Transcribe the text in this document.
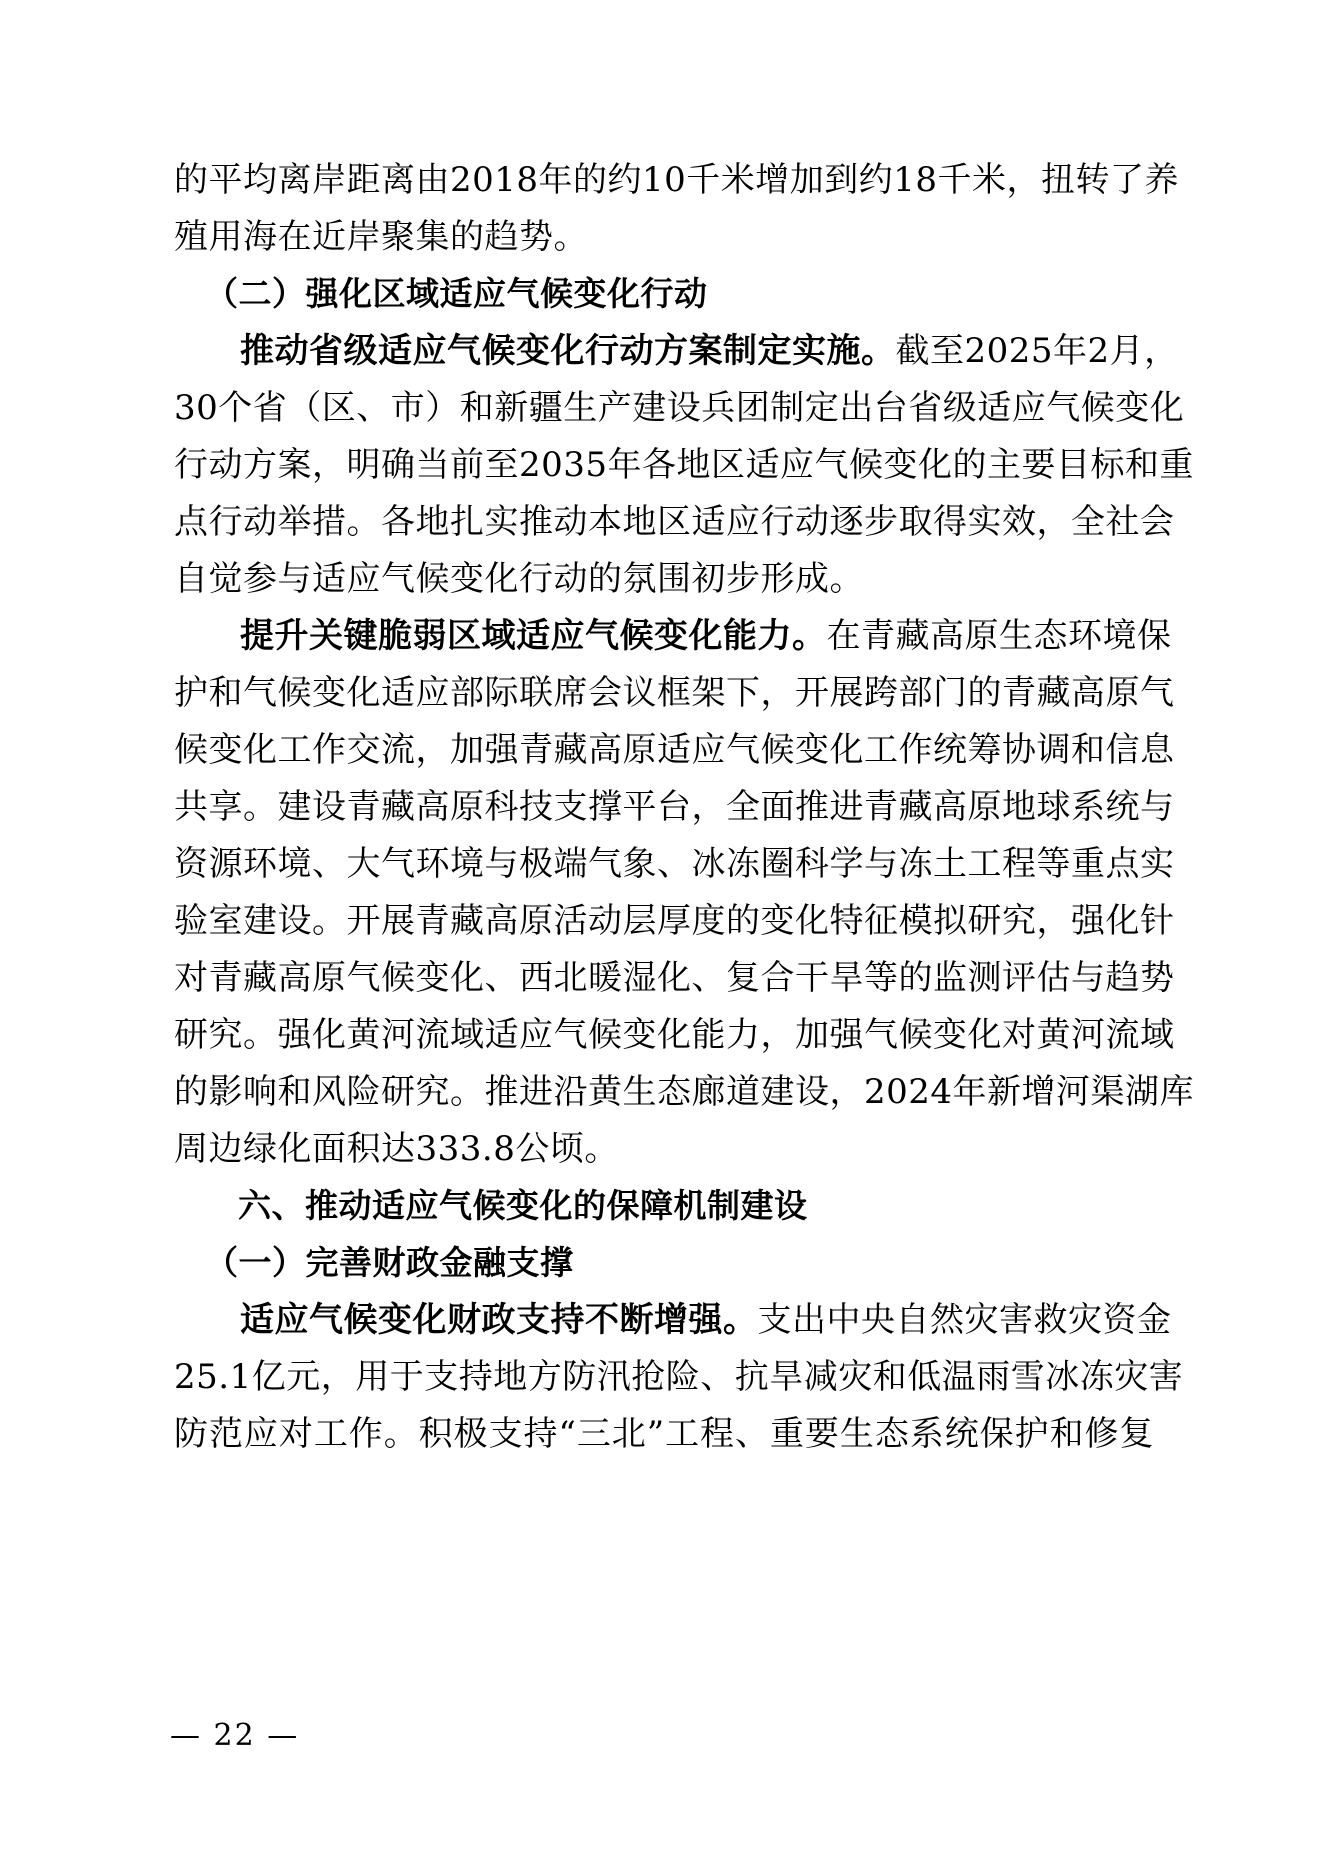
的平均离岸距离由2018年的约10千米增加到约18千米，扭转了养
殖用海在近岸聚集的趋势。
（二）强化区域适应气候变化行动
推动省级适应气候变化行动方案制定实施。截至2025年2月，
30个省（区、市）和新疆生产建设兵团制定出台省级适应气候变化
行动方案，明确当前至2035年各地区适应气候变化的主要目标和重
点行动举措。各地扎实推动本地区适应行动逐步取得实效，全社会
自觉参与适应气候变化行动的氛围初步形成。
提升关键脆弱区域适应气候变化能力。在青藏高原生态环境保
护和气候变化适应部际联席会议框架下，开展跨部门的青藏高原气
候变化工作交流，加强青藏高原适应气候变化工作统筹协调和信息
共享。建设青藏高原科技支撑平台，全面推进青藏高原地球系统与
资源环境、大气环境与极端气象、冰冻圈科学与冻土工程等重点实
验室建设。开展青藏高原活动层厚度的变化特征模拟研究，强化针
对青藏高原气候变化、西北暖湿化、复合干旱等的监测评估与趋势
研究。强化黄河流域适应气候变化能力，加强气候变化对黄河流域
的影响和风险研究。推进沿黄生态廊道建设，2024年新增河渠湖库
周边绿化面积达333.8公顷。
六、推动适应气候变化的保障机制建设
（一）完善财政金融支撑
适应气候变化财政支持不断增强。支出中央自然灾害救灾资金
25.1亿元，用于支持地方防汛抢险、抗旱减灾和低温雨雪冰冻灾害
防范应对工作。积极支持“三北”工程、重要生态系统保护和修复
— 22 —
